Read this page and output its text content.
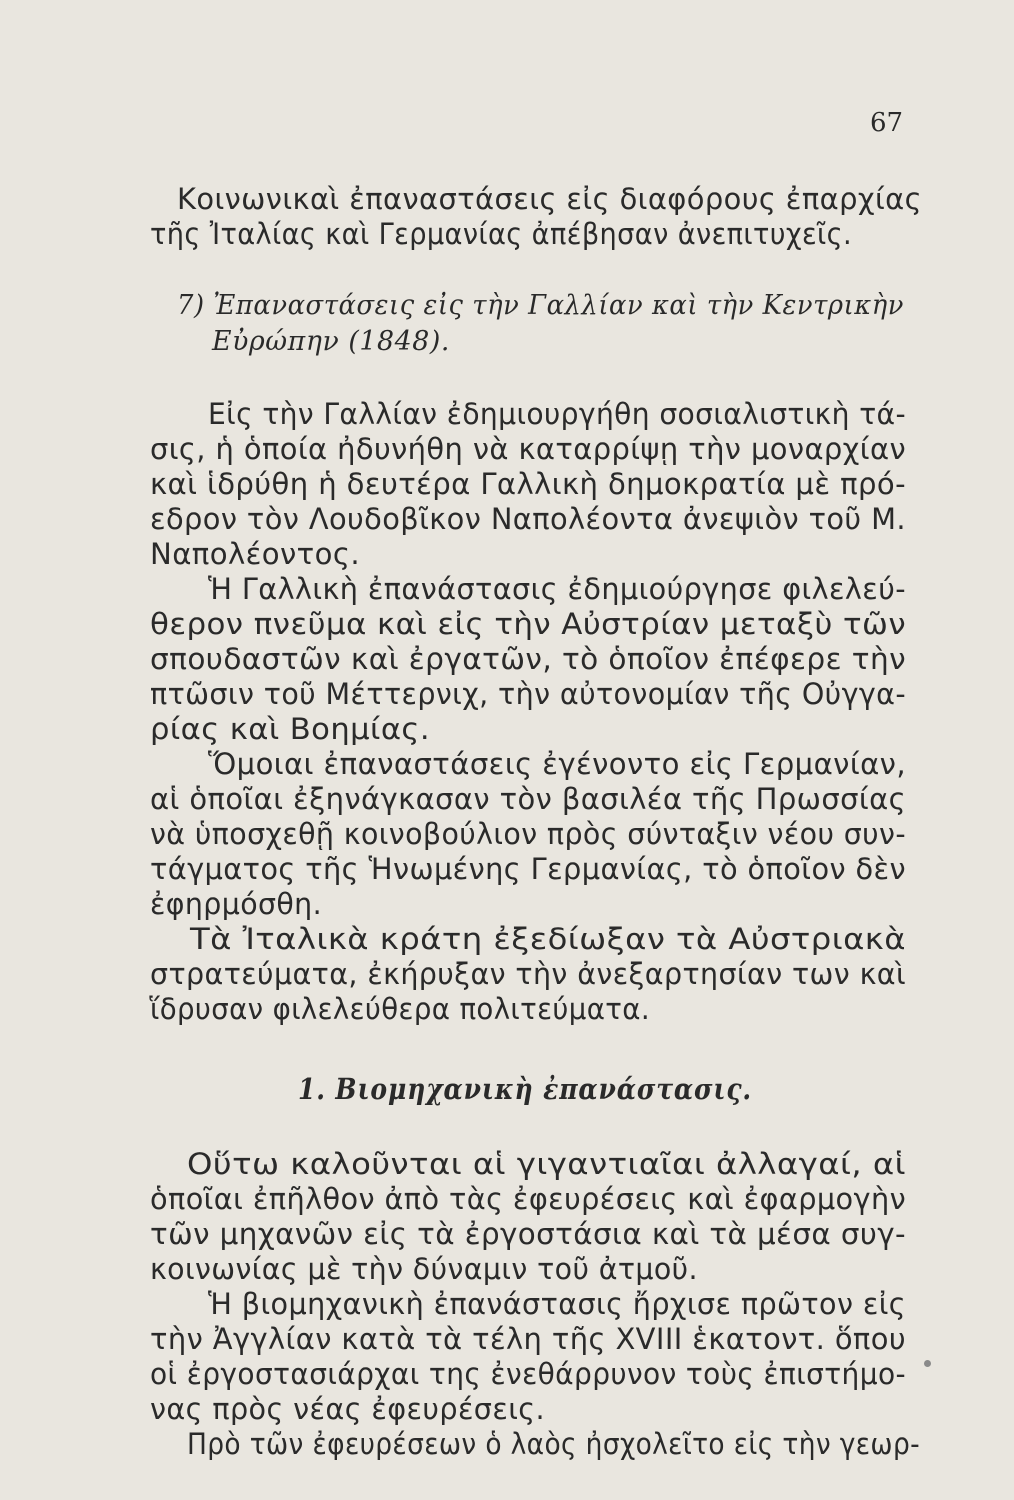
67
Κοινωνικαὶ ἐπαναστάσεις εἰς διαφόρους ἐπαρχίας
τῆς Ἰταλίας καὶ Γερμανίας ἀπέβησαν ἀνεπιτυχεῖς.
7) Ἐπαναστάσεις εἰς τὴν Γαλλίαν καὶ τὴν Κεντρικὴν
Εὐρώπην (1848).
Εἰς τὴν Γαλλίαν ἐδημιουργήθη σοσιαλιστικὴ τά-
σις, ἡ ὁποία ἠδυνήθη νὰ καταρρίψῃ τὴν μοναρχίαν
καὶ ἱδρύθη ἡ δευτέρα Γαλλικὴ δημοκρατία μὲ πρό-
εδρον τὸν Λουδοβῖκον Ναπολέοντα ἀνεψιὸν τοῦ Μ.
Ναπολέοντος.
Ἡ Γαλλικὴ ἐπανάστασις ἐδημιούργησε φιλελεύ-
θερον πνεῦμα καὶ εἰς τὴν Αὐστρίαν μεταξὺ τῶν
σπουδαστῶν καὶ ἐργατῶν, τὸ ὁποῖον ἐπέφερε τὴν
πτῶσιν τοῦ Μέττερνιχ, τὴν αὐτονομίαν τῆς Οὐγγα-
ρίας καὶ Βοημίας.
Ὅμοιαι ἐπαναστάσεις ἐγένοντο εἰς Γερμανίαν,
αἱ ὁποῖαι ἐξηνάγκασαν τὸν βασιλέα τῆς Πρωσσίας
νὰ ὑποσχεθῇ κοινοβούλιον πρὸς σύνταξιν νέου συν-
τάγματος τῆς Ἡνωμένης Γερμανίας, τὸ ὁποῖον δὲν
ἐφηρμόσθη.
Τὰ Ἰταλικὰ κράτη ἐξεδίωξαν τὰ Αὐστριακὰ
στρατεύματα, ἐκήρυξαν τὴν ἀνεξαρτησίαν των καὶ
ἵδρυσαν φιλελεύθερα πολιτεύματα.
1. Βιομηχανικὴ ἐπανάστασις.
Οὕτω καλοῦνται αἱ γιγαντιαῖαι ἀλλαγαί, αἱ
ὁποῖαι ἐπῆλθον ἀπὸ τὰς ἐφευρέσεις καὶ ἐφαρμογὴν
τῶν μηχανῶν εἰς τὰ ἐργοστάσια καὶ τὰ μέσα συγ-
κοινωνίας μὲ τὴν δύναμιν τοῦ ἀτμοῦ.
Ἡ βιομηχανικὴ ἐπανάστασις ἤρχισε πρῶτον εἰς
τὴν Ἀγγλίαν κατὰ τὰ τέλη τῆς XVIII ἑκατοντ. ὅπου
οἱ ἐργοστασιάρχαι της ἐνεθάρρυνον τοὺς ἐπιστήμο-
νας πρὸς νέας ἐφευρέσεις.
Πρὸ τῶν ἐφευρέσεων ὁ λαὸς ἠσχολεῖτο εἰς τὴν γεωρ-
